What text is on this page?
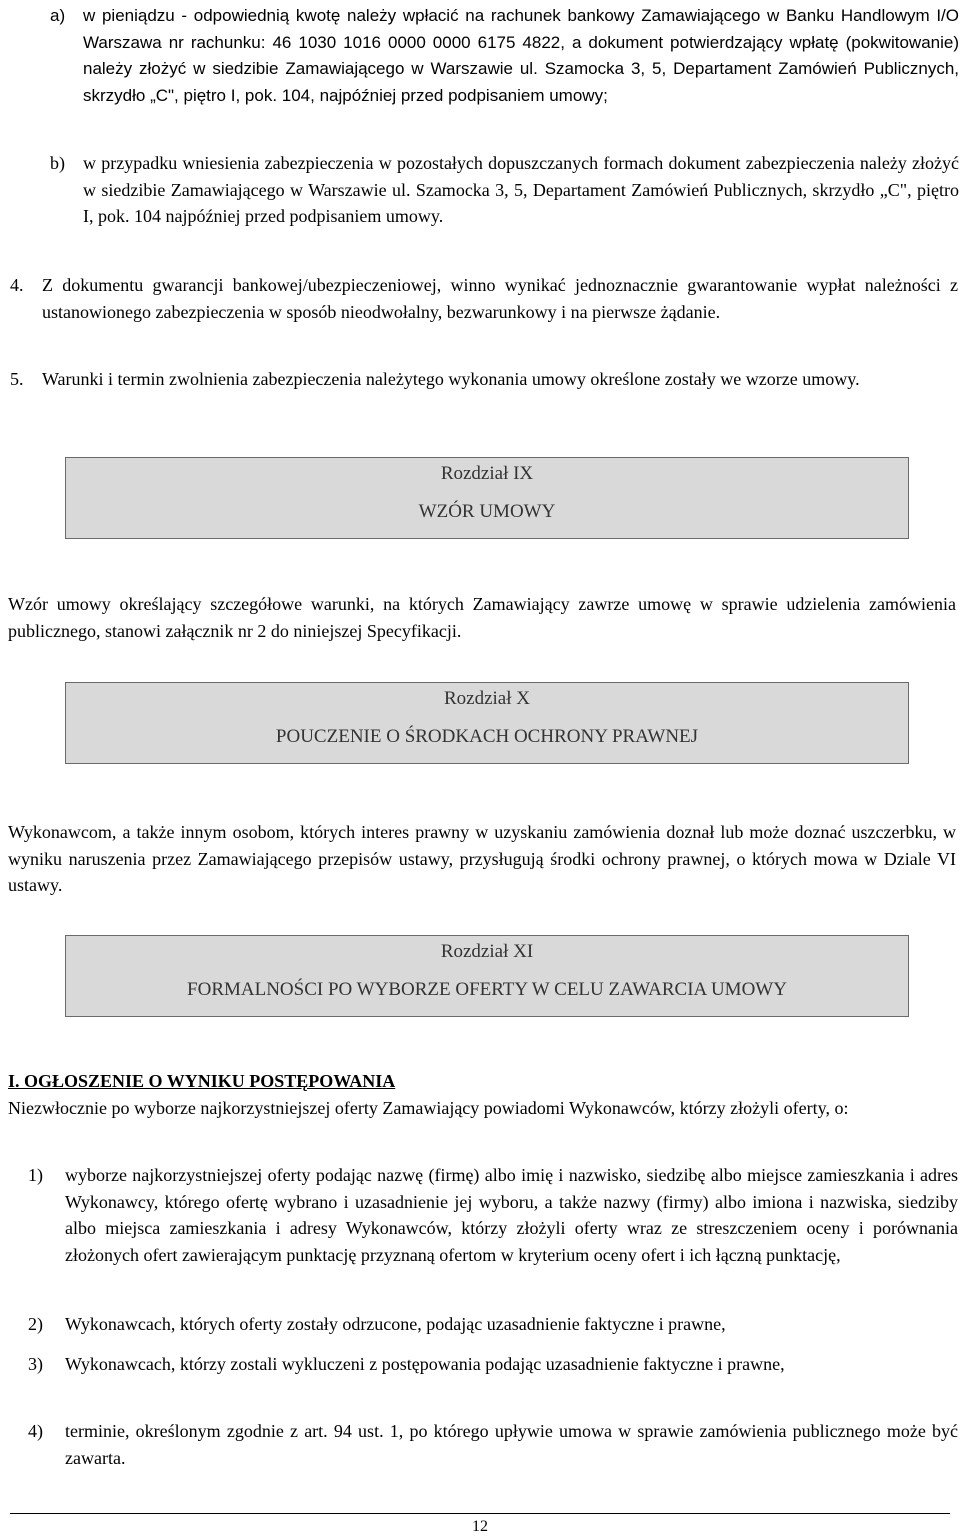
a) w pieniądzu - odpowiednią kwotę należy wpłacić na rachunek bankowy Zamawiającego w Banku Handlowym I/O Warszawa nr rachunku: 46 1030 1016 0000 0000 6175 4822, a dokument potwierdzający wpłatę (pokwitowanie) należy złożyć w siedzibie Zamawiającego w Warszawie ul. Szamocka 3, 5, Departament Zamówień Publicznych, skrzydło „C", piętro I, pok. 104, najpóźniej przed podpisaniem umowy;

b) w przypadku wniesienia zabezpieczenia w pozostałych dopuszczanych formach dokument zabezpieczenia należy złożyć w siedzibie Zamawiającego w Warszawie ul. Szamocka 3, 5, Departament Zamówień Publicznych, skrzydło „C", piętro I, pok. 104 najpóźniej przed podpisaniem umowy.

4. Z dokumentu gwarancji bankowej/ubezpieczeniowej, winno wynikać jednoznacznie gwarantowanie wypłat należności z ustanowionego zabezpieczenia w sposób nieodwołalny, bezwarunkowy i na pierwsze żądanie.

5. Warunki i termin zwolnienia zabezpieczenia należytego wykonania umowy określone zostały we wzorze umowy.

Rozdział IX
WZÓR UMOWY

Wzór umowy określający szczegółowe warunki, na których Zamawiający zawrze umowę w sprawie udzielenia zamówienia publicznego, stanowi załącznik nr 2 do niniejszej Specyfikacji.

Rozdział X
POUCZENIE O ŚRODKACH OCHRONY PRAWNEJ

Wykonawcom, a także innym osobom, których interes prawny w uzyskaniu zamówienia doznał lub może doznać uszczerbku, w wyniku naruszenia przez Zamawiającego przepisów ustawy, przysługują środki ochrony prawnej, o których mowa w Dziale VI ustawy.

Rozdział XI
FORMALNOŚCI PO WYBORZE OFERTY W CELU ZAWARCIA UMOWY
I. OGŁOSZENIE O WYNIKU POSTĘPOWANIA

Niezwłocznie po wyborze najkorzystniejszej oferty Zamawiający powiadomi Wykonawców, którzy złożyli oferty, o:

1) wyborze najkorzystniejszej oferty podając nazwę (firmę) albo imię i nazwisko, siedzibę albo miejsce zamieszkania i adres Wykonawcy, którego ofertę wybrano i uzasadnienie jej wyboru, a także nazwy (firmy) albo imiona i nazwiska, siedziby albo miejsca zamieszkania i adresy Wykonawców, którzy złożyli oferty wraz ze streszczeniem oceny i porównania złożonych ofert zawierającym punktację przyznaną ofertom w kryterium oceny ofert i ich łączną punktację,

2) Wykonawcach, których oferty zostały odrzucone, podając uzasadnienie faktyczne i prawne,

3) Wykonawcach, którzy zostali wykluczeni z postępowania podając uzasadnienie faktyczne i prawne,

4) terminie, określonym zgodnie z art. 94 ust. 1, po którego upływie umowa w sprawie zamówienia publicznego może być zawarta.

12
